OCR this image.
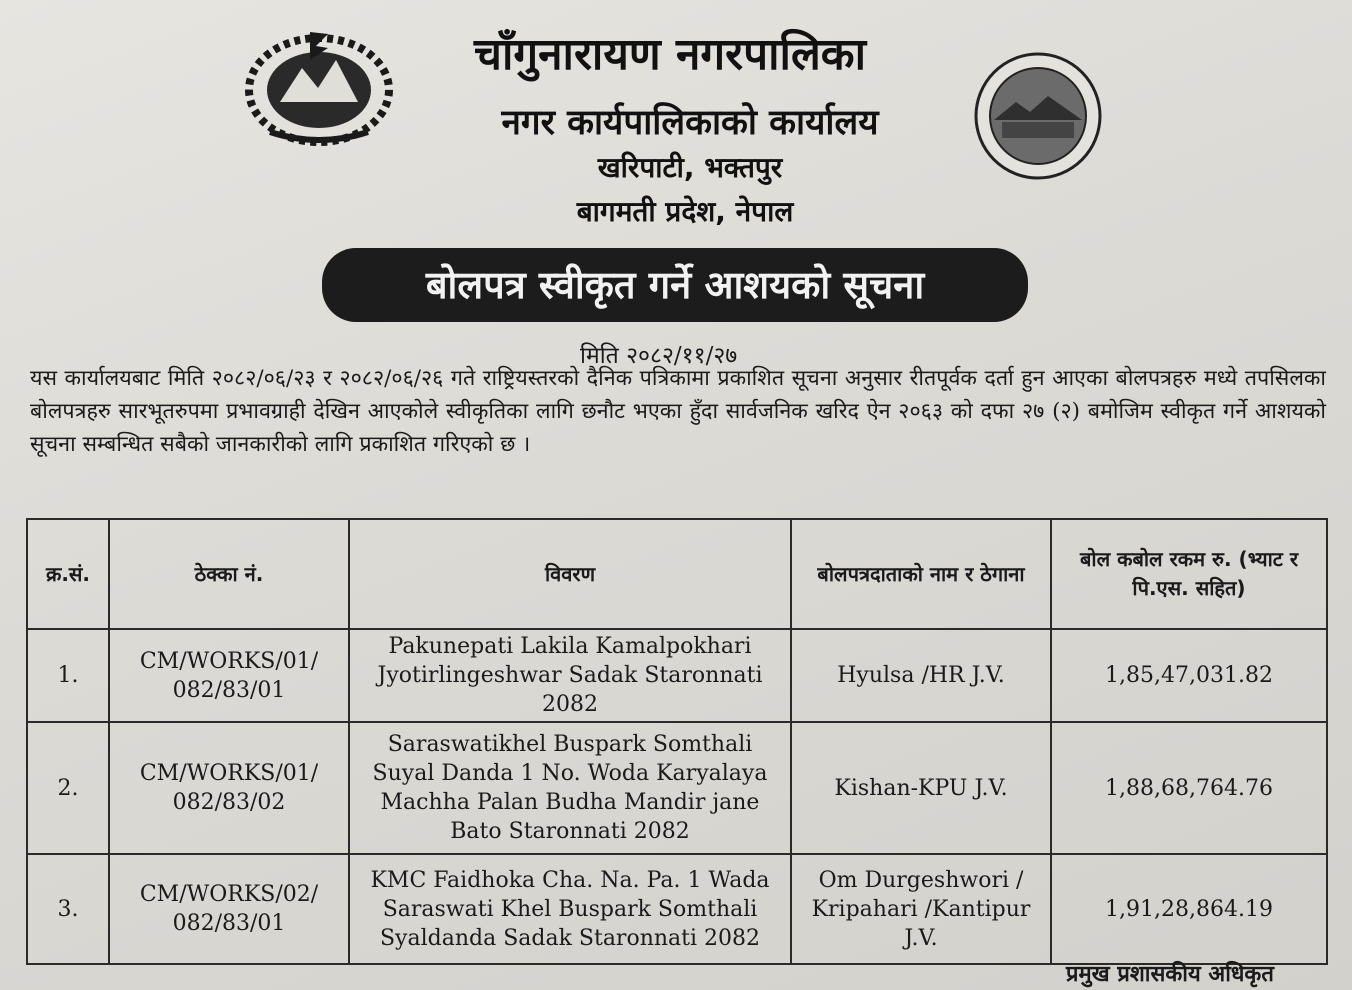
चाँगुनारायण नगरपालिका
नगर कार्यपालिकाको कार्यालय
खरिपाटी, भक्तपुर
बागमती प्रदेश, नेपाल
बोलपत्र स्वीकृत गर्ने आशयको सूचना
मिति २०८२/११/२७
यस कार्यालयबाट मिति २०८२/०६/२३ र २०८२/०६/२६ गते राष्ट्रियस्तरको दैनिक पत्रिकामा प्रकाशित सूचना अनुसार रीतपूर्वक दर्ता हुन आएका बोलपत्रहरु मध्ये तपसिलका बोलपत्रहरु सारभूतरुपमा प्रभावग्राही देखिन आएकोले स्वीकृतिका लागि छनौट भएका हुँदा सार्वजनिक खरिद ऐन २०६३ को दफा २७ (२) बमोजिम स्वीकृत गर्ने आशयको सूचना सम्बन्धित सबैको जानकारीको लागि प्रकाशित गरिएको छ ।
क्र.सं.	ठेक्का नं.	विवरण	बोलपत्रदाताको नाम र ठेगाना	बोल कबोल रकम रु. (भ्याट र पि.एस. सहित)
1.	CM/WORKS/01/ 082/83/01	Pakunepati Lakila Kamalpokhari Jyotirlingeshwar Sadak Staronnati 2082	Hyulsa /HR J.V.	1,85,47,031.82
2.	CM/WORKS/01/ 082/83/02	Saraswatikhel Buspark Somthali Suyal Danda 1 No. Woda Karyalaya Machha Palan Budha Mandir jane Bato Staronnati 2082	Kishan-KPU J.V.	1,88,68,764.76
3.	CM/WORKS/02/ 082/83/01	KMC Faidhoka Cha. Na. Pa. 1 Wada Saraswati Khel Buspark Somthali Syaldanda Sadak Staronnati 2082	Om Durgeshwori / Kripahari /Kantipur J.V.	1,91,28,864.19
प्रमुख प्रशासकीय अधिकृत
